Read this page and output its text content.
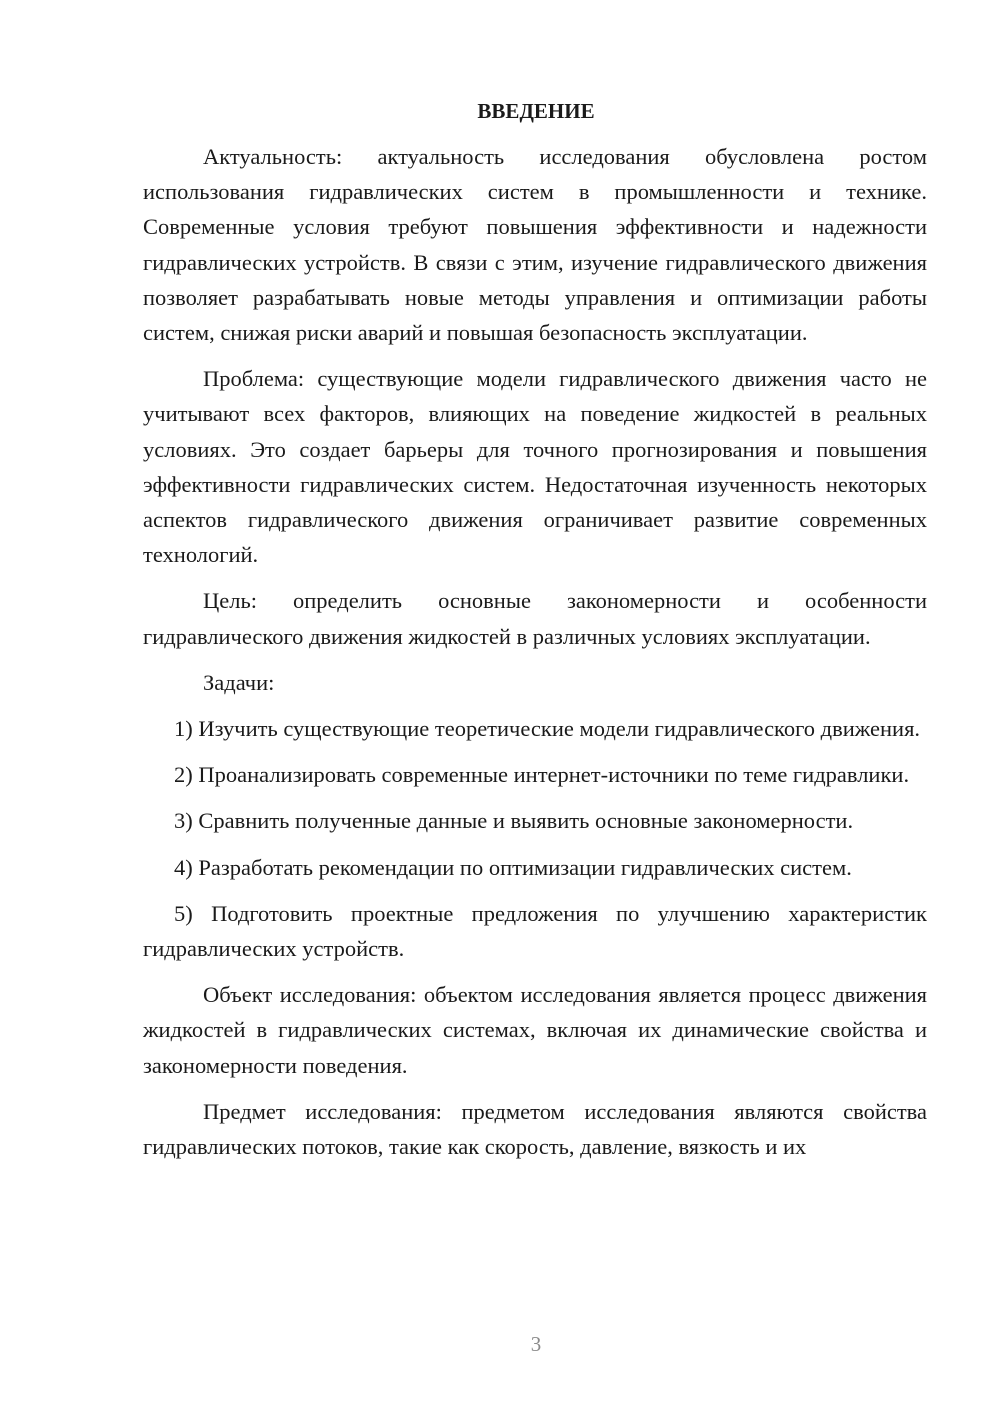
ВВЕДЕНИЕ

Актуальность: актуальность исследования обусловлена ростом использования гидравлических систем в промышленности и технике. Современные условия требуют повышения эффективности и надежности гидравлических устройств. В связи с этим, изучение гидравлического движения позволяет разрабатывать новые методы управления и оптимизации работы систем, снижая риски аварий и повышая безопасность эксплуатации.

Проблема: существующие модели гидравлического движения часто не учитывают всех факторов, влияющих на поведение жидкостей в реальных условиях. Это создает барьеры для точного прогнозирования и повышения эффективности гидравлических систем. Недостаточная изученность некоторых аспектов гидравлического движения ограничивает развитие современных технологий.

Цель: определить основные закономерности и особенности гидравлического движения жидкостей в различных условиях эксплуатации.

Задачи:

1) Изучить существующие теоретические модели гидравлического движения.

2) Проанализировать современные интернет-источники по теме гидравлики.

3) Сравнить полученные данные и выявить основные закономерности.

4) Разработать рекомендации по оптимизации гидравлических систем.

5) Подготовить проектные предложения по улучшению характеристик гидравлических устройств.

Объект исследования: объектом исследования является процесс движения жидкостей в гидравлических системах, включая их динамические свойства и закономерности поведения.

Предмет исследования: предметом исследования являются свойства гидравлических потоков, такие как скорость, давление, вязкость и их

3
